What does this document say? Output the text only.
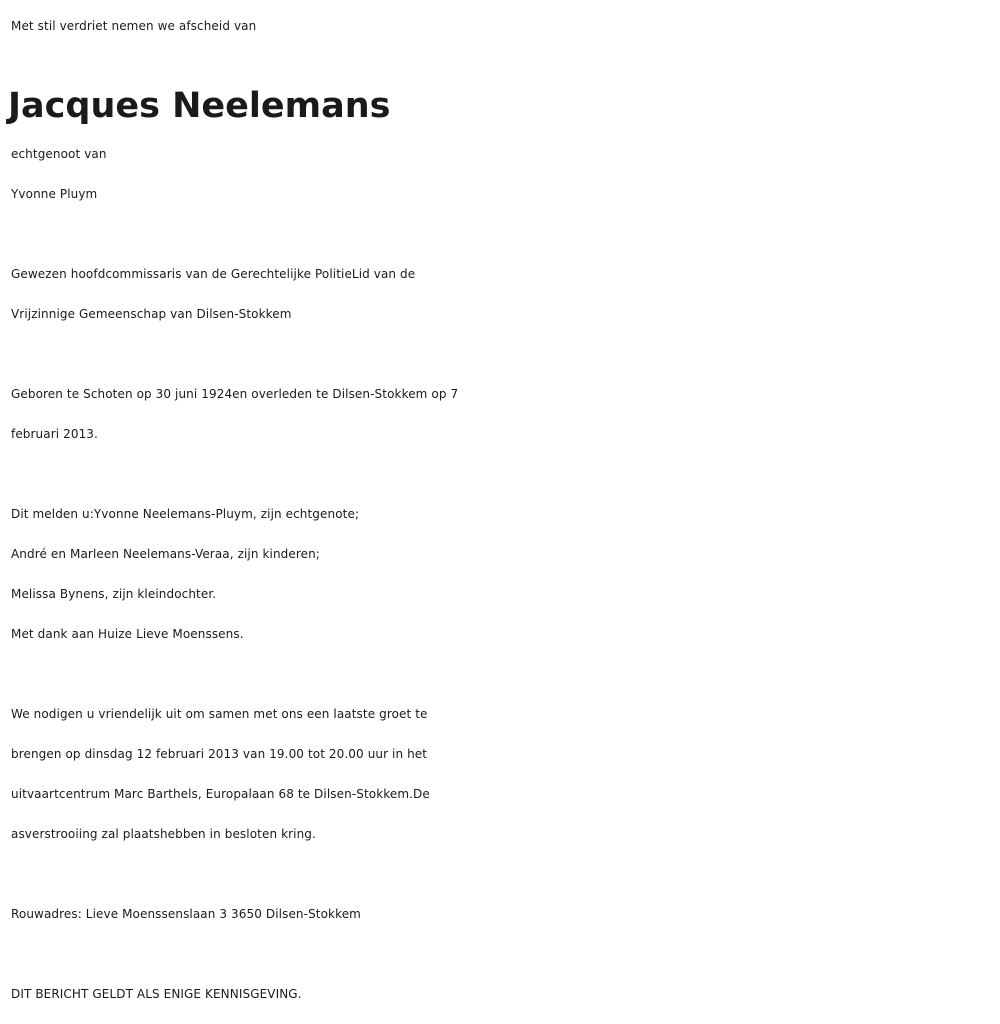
Met stil verdriet nemen we afscheid van
Jacques Neelemans
echtgenoot van
Yvonne Pluym
Gewezen hoofdcommissaris van de Gerechtelijke PolitieLid van de
Vrijzinnige Gemeenschap van Dilsen-Stokkem
Geboren te Schoten op 30 juni 1924en overleden te Dilsen-Stokkem op 7
februari 2013.
Dit melden u:Yvonne Neelemans-Pluym, zijn echtgenote;
André en Marleen Neelemans-Veraa, zijn kinderen;
Melissa Bynens, zijn kleindochter.
Met dank aan Huize Lieve Moenssens.
We nodigen u vriendelijk uit om samen met ons een laatste groet te
brengen op dinsdag 12 februari 2013 van 19.00 tot 20.00 uur in het
uitvaartcentrum Marc Barthels, Europalaan 68 te Dilsen-Stokkem.De
asverstrooiing zal plaatshebben in besloten kring.
Rouwadres: Lieve Moenssenslaan 3 3650 Dilsen-Stokkem
DIT BERICHT GELDT ALS ENIGE KENNISGEVING.
